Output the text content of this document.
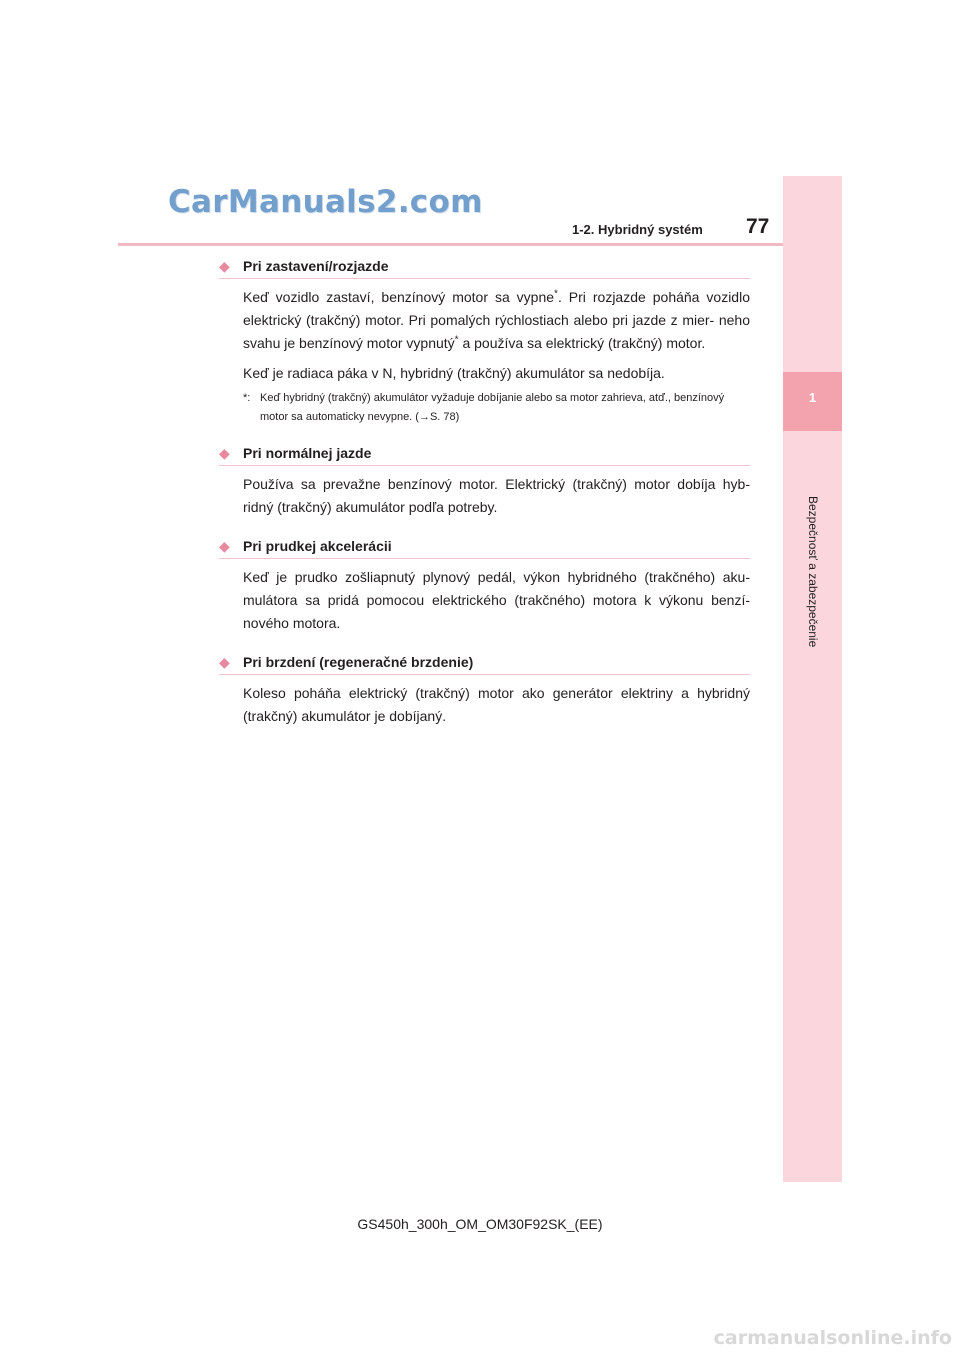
CarManuals2.com
1-2. Hybridný systém 77
1
Bezpečnosť a zabezpečenie
◆ Pri zastavení/rozjazde
Keď vozidlo zastaví, benzínový motor sa vypne*. Pri rozjazde poháňa vozidlo elektrický (trakčný) motor. Pri pomalých rýchlostiach alebo pri jazde z mier- neho svahu je benzínový motor vypnutý* a používa sa elektrický (trakčný) motor.
Keď je radiaca páka v N, hybridný (trakčný) akumulátor sa nedobíja.
*: Keď hybridný (trakčný) akumulátor vyžaduje dobíjanie alebo sa motor zahrieva, atď., benzínový motor sa automaticky nevypne. (→S. 78)
◆ Pri normálnej jazde
Používa sa prevažne benzínový motor. Elektrický (trakčný) motor dobíja hyb- ridný (trakčný) akumulátor podľa potreby.
◆ Pri prudkej akcelerácii
Keď je prudko zošliapnutý plynový pedál, výkon hybridného (trakčného) aku- mulátora sa pridá pomocou elektrického (trakčného) motora k výkonu benzí- nového motora.
◆ Pri brzdení (regeneračné brzdenie)
Koleso poháňa elektrický (trakčný) motor ako generátor elektriny a hybridný (trakčný) akumulátor je dobíjaný.
GS450h_300h_OM_OM30F92SK_(EE)
carmanualsonline.info
